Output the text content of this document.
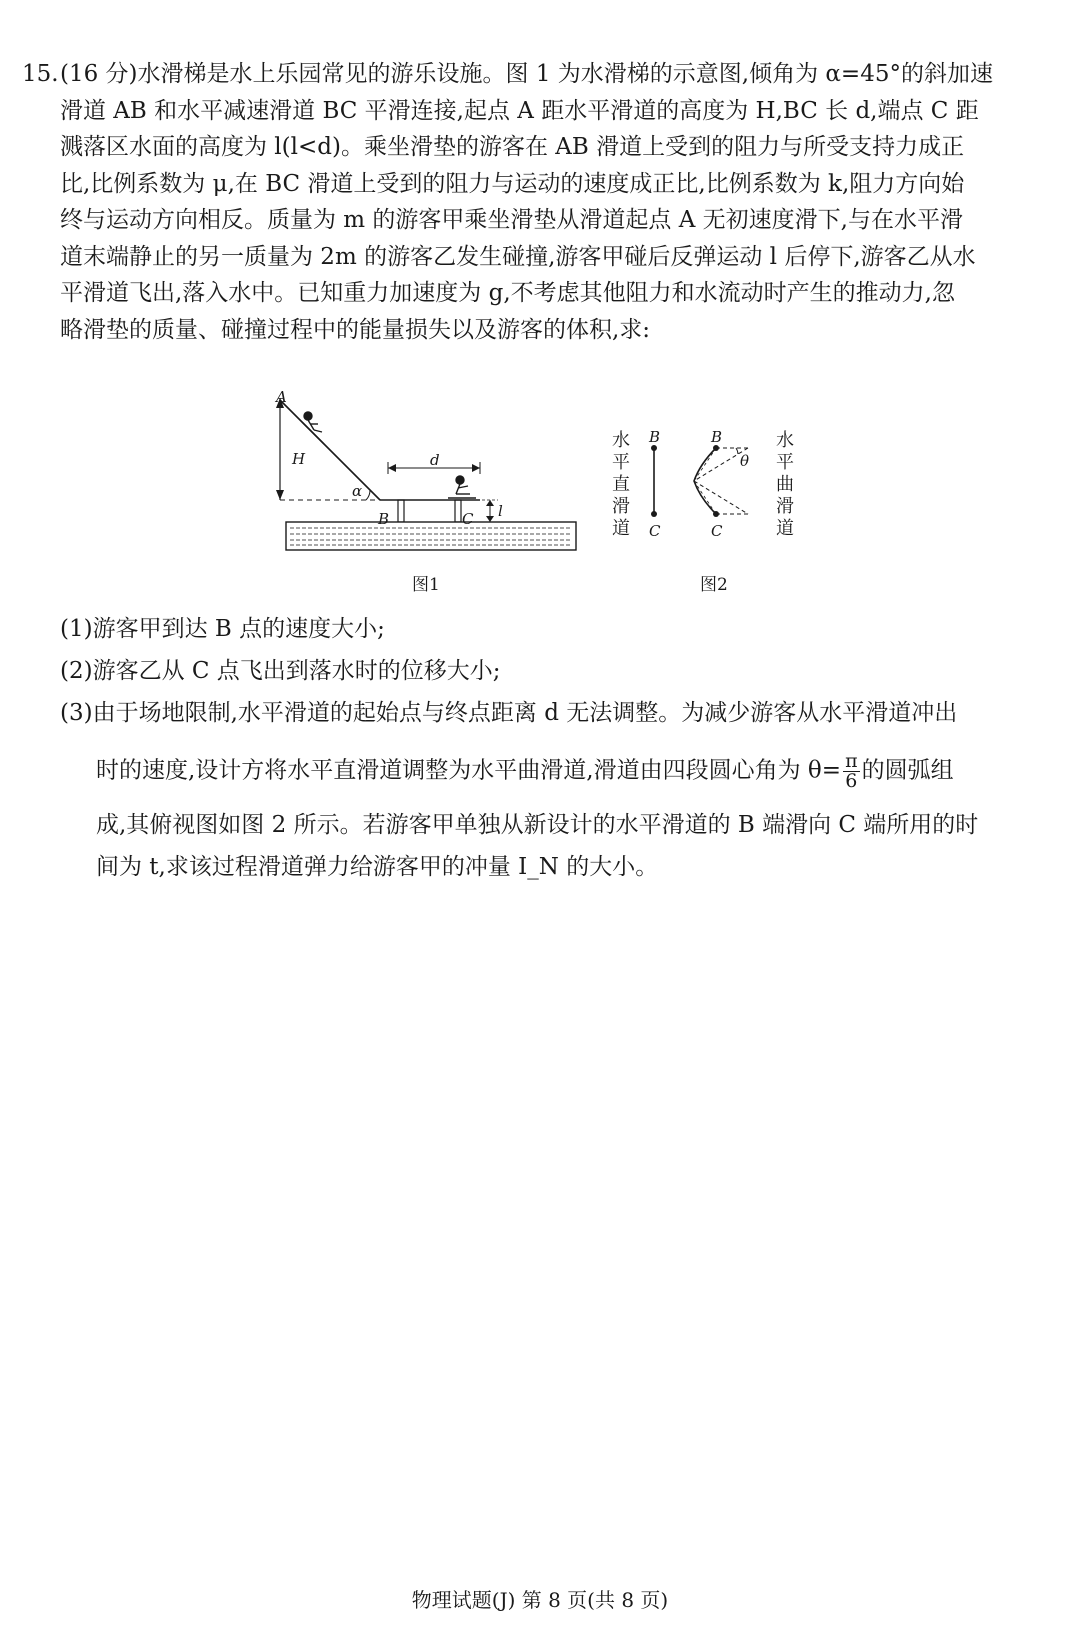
15. (16 分)水滑梯是水上乐园常见的游乐设施。图 1 为水滑梯的示意图,倾角为 α=45°的斜加速
滑道 AB 和水平减速滑道 BC 平滑连接,起点 A 距水平滑道的高度为 H,BC 长 d,端点 C 距
溅落区水面的高度为 l(l<d)。乘坐滑垫的游客在 AB 滑道上受到的阻力与所受支持力成正
比,比例系数为 μ,在 BC 滑道上受到的阻力与运动的速度成正比,比例系数为 k,阻力方向始
终与运动方向相反。质量为 m 的游客甲乘坐滑垫从滑道起点 A 无初速度滑下,与在水平滑
道末端静止的另一质量为 2m 的游客乙发生碰撞,游客甲碰后反弹运动 l 后停下,游客乙从水
平滑道飞出,落入水中。已知重力加速度为 g,不考虑其他阻力和水流动时产生的推动力,忽
略滑垫的质量、碰撞过程中的能量损失以及游客的体积,求:
A
H
α
B
d
C l
图1
水
平
直
滑
道
B
C
B
C
θ
水
平
曲
滑
道
图2
(1)游客甲到达 B 点的速度大小;
(2)游客乙从 C 点飞出到落水时的位移大小;
(3)由于场地限制,水平滑道的起始点与终点距离 d 无法调整。为减少游客从水平滑道冲出
时的速度,设计方将水平直滑道调整为水平曲滑道,滑道由四段圆心角为 $\theta= \frac{\pi}{6}$ 的圆弧组
成,其俯视图如图 2 所示。若游客甲单独从新设计的水平滑道的 B 端滑向 C 端所用的时
间为 t,求该过程滑道弹力给游客甲的冲量 I_N 的大小。
物理试题(J) 第 8 页(共 8 页)
